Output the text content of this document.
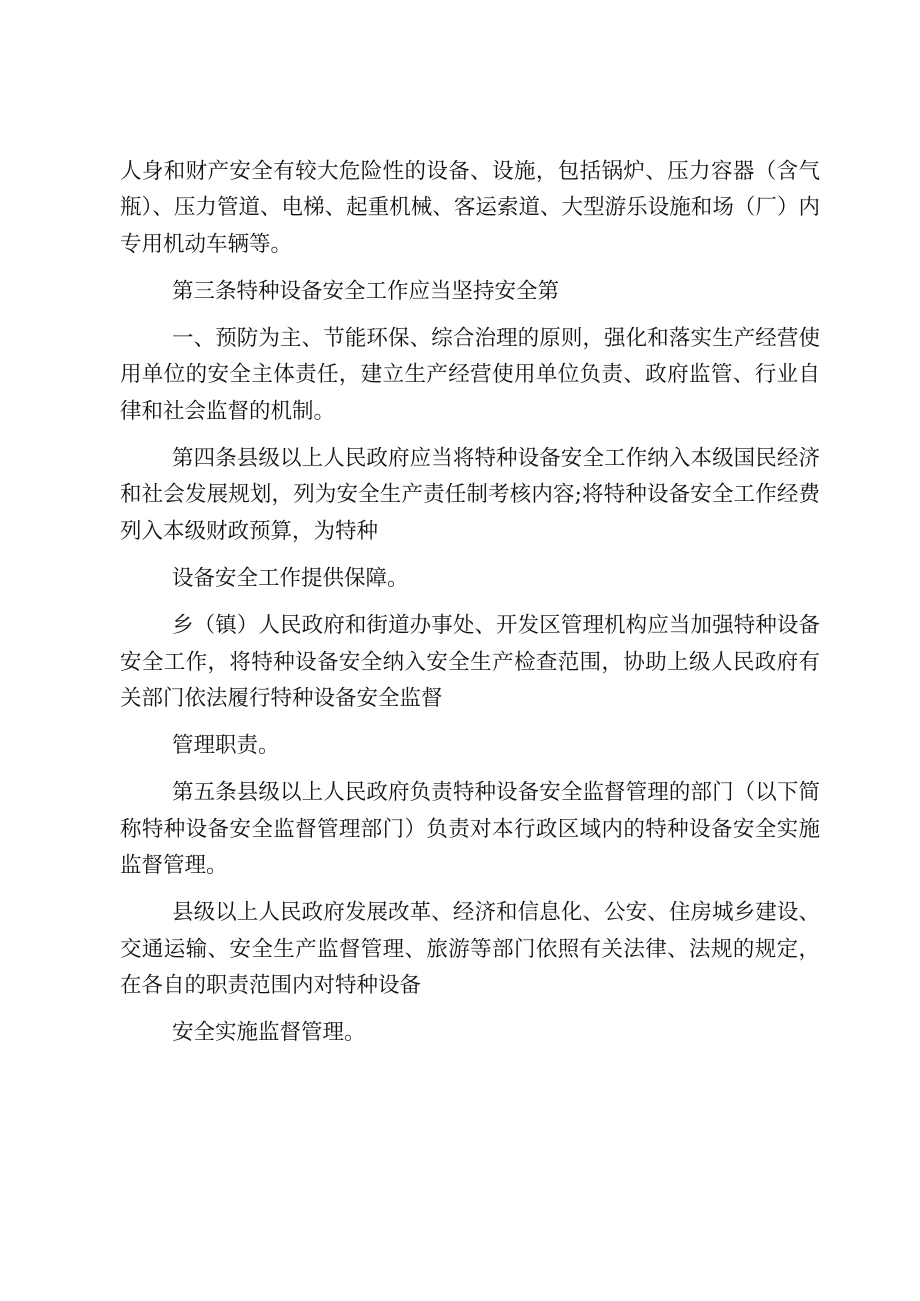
人身和财产安全有较大危险性的设备、设施，包括锅炉、压力容器（含气瓶）、压力管道、电梯、起重机械、客运索道、大型游乐设施和场（厂）内专用机动车辆等。

第三条特种设备安全工作应当坚持安全第

一、预防为主、节能环保、综合治理的原则，强化和落实生产经营使用单位的安全主体责任，建立生产经营使用单位负责、政府监管、行业自律和社会监督的机制。

第四条县级以上人民政府应当将特种设备安全工作纳入本级国民经济和社会发展规划，列为安全生产责任制考核内容;将特种设备安全工作经费列入本级财政预算，为特种

设备安全工作提供保障。

乡（镇）人民政府和街道办事处、开发区管理机构应当加强特种设备安全工作，将特种设备安全纳入安全生产检查范围，协助上级人民政府有关部门依法履行特种设备安全监督

管理职责。

第五条县级以上人民政府负责特种设备安全监督管理的部门（以下简称特种设备安全监督管理部门）负责对本行政区域内的特种设备安全实施监督管理。

县级以上人民政府发展改革、经济和信息化、公安、住房城乡建设、交通运输、安全生产监督管理、旅游等部门依照有关法律、法规的规定，在各自的职责范围内对特种设备

安全实施监督管理。
